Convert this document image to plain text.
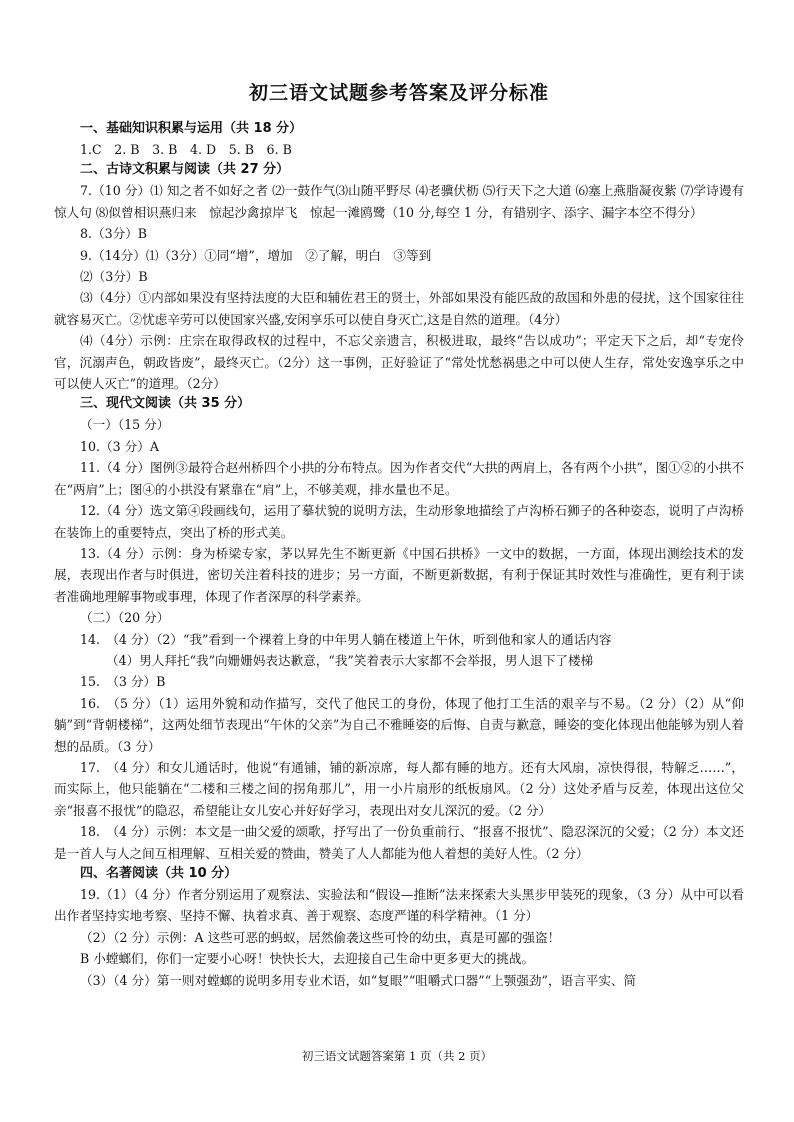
初三语文试题参考答案及评分标准
一、基础知识积累与运用（共 18 分）
1.C　2. B　3. B　4. D　5. B　6. B
二、古诗文积累与阅读（共 27 分）
7.（10 分）⑴ 知之者不如好之者 ⑵一鼓作气⑶山随平野尽 ⑷老骥伏枥 ⑸行天下之大道 ⑹塞上燕脂凝夜紫 ⑺学诗谩有惊人句 ⑻似曾相识燕归来　惊起沙禽掠岸飞　惊起一滩鸥鹭（10 分,每空 1 分，有错别字、添字、漏字本空不得分）
8.（3分）B
9.（14分）⑴（3分）①同“增”，增加　②了解，明白　③等到
⑵（3分）B
⑶（4分）①内部如果没有坚持法度的大臣和辅佐君王的贤士，外部如果没有能匹敌的敌国和外患的侵扰，这个国家往往就容易灭亡。②忧虑辛劳可以使国家兴盛,安闲享乐可以使自身灭亡,这是自然的道理。（4分）
⑷（4分）示例：庄宗在取得政权的过程中，不忘父亲遗言，积极进取，最终“告以成功”；平定天下之后，却“专宠伶官，沉溺声色，朝政皆废”，最终灭亡。（2分）这一事例，正好验证了“常处忧愁祸患之中可以使人生存，常处安逸享乐之中可以使人灭亡”的道理。（2分）
三、现代文阅读（共 35 分）
（一）（15 分）
10.（3 分）A
11.（4 分）图例③最符合赵州桥四个小拱的分布特点。因为作者交代“大拱的两肩上，各有两个小拱”，图①②的小拱不在“两肩”上；图④的小拱没有紧靠在“肩”上，不够美观，排水量也不足。
12.（4 分）选文第④段画线句，运用了摹状貌的说明方法，生动形象地描绘了卢沟桥石狮子的各种姿态，说明了卢沟桥在装饰上的重要特点，突出了桥的形式美。
13.（4 分）示例：身为桥梁专家，茅以昇先生不断更新《中国石拱桥》一文中的数据，一方面，体现出测绘技术的发展，表现出作者与时俱进，密切关注着科技的进步；另一方面，不断更新数据，有利于保证其时效性与准确性，更有利于读者准确地理解事物或事理，体现了作者深厚的科学素养。
（二）（20 分）
14.　（4 分）（2）“我”看到一个裸着上身的中年男人躺在楼道上午休，听到他和家人的通话内容
（4）男人拜托“我”向姗姗妈表达歉意，“我”笑着表示大家都不会举报，男人退下了楼梯
15.　（3 分）B
16.　（5 分）（1）运用外貌和动作描写，交代了他民工的身份，体现了他打工生活的艰辛与不易。（2 分）（2）从“仰躺”到“背朝楼梯”，这两处细节表现出“午休的父亲”为自己不雅睡姿的后悔、自责与歉意，睡姿的变化体现出他能够为别人着想的品质。（3 分）
17.　（4 分）和女儿通话时，他说“有通铺，铺的新凉席，每人都有睡的地方。还有大风扇，凉快得很，特解乏……”，而实际上，他只能躺在“二楼和三楼之间的拐角那儿”，用一小片扇形的纸板扇风。（2 分）这处矛盾与反差，体现出这位父亲“报喜不报忧”的隐忍，希望能让女儿安心并好好学习，表现出对女儿深沉的爱。（2 分）
18.　（4 分）示例：本文是一曲父爱的颂歌，抒写出了一份负重前行、“报喜不报忧”、隐忍深沉的父爱；（2 分）本文还是一首人与人之间互相理解、互相关爱的赞曲，赞美了人人都能为他人着想的美好人性。（2 分）
四、名著阅读（共 10 分）
19.（1）（4 分）作者分别运用了观察法、实验法和“假设—推断”法来探索大头黑步甲装死的现象，（3 分）从中可以看出作者坚持实地考察、坚持不懈、执着求真、善于观察、态度严谨的科学精神。（1 分）
（2）（2 分）示例：A 这些可恶的蚂蚁，居然偷袭这些可怜的幼虫，真是可鄙的强盗！
B 小螳螂们，你们一定要小心呀！快快长大，去迎接自己生命中更多更大的挑战。
（3）（4 分）第一则对螳螂的说明多用专业术语，如“复眼”“咀嚼式口器”“上颚强劲”，语言平实、简
初三语文试题答案第 1 页（共 2 页）
